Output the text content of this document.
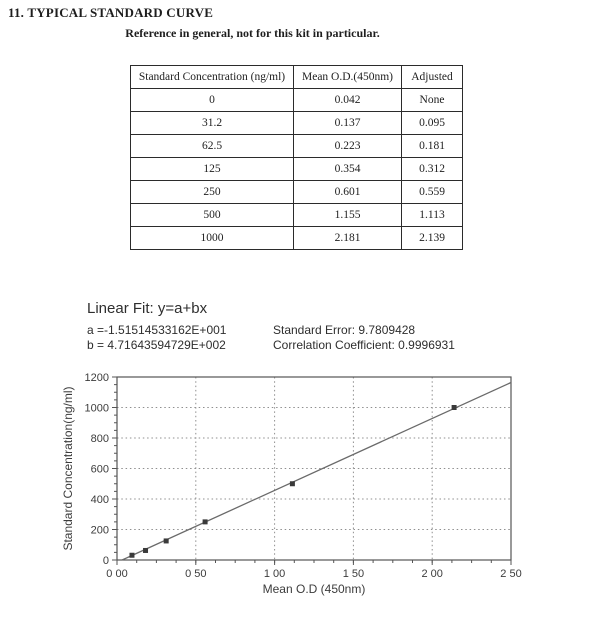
11. TYPICAL STANDARD CURVE
Reference in general, not for this kit in particular.
Standard Concentration (ng/ml)	Mean O.D.(450nm)	Adjusted
0	0.042	None
31.2	0.137	0.095
62.5	0.223	0.181
125	0.354	0.312
250	0.601	0.559
500	1.155	1.113
1000	2.181	2.139
Linear Fit: y=a+bx
a =-1.51514533162E+001
b = 4.71643594729E+002
Standard Error: 9.7809428
Correlation Coefficient: 0.9996931
0 00	0 50	1 00	1 50	2 00	2 50
0
200
400
600
800
1000
1200
Mean O.D (450nm)
Standard Concentration(ng/ml)
